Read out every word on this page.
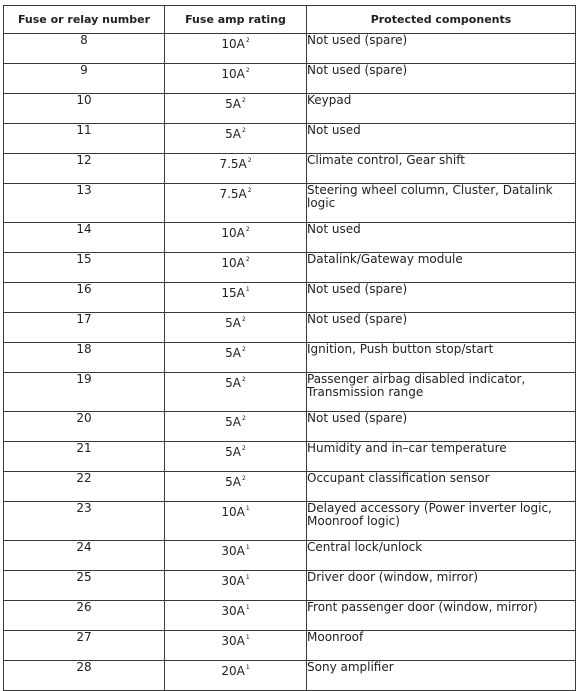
Fuse or relay number	Fuse amp rating	Protected components
8	$10A^2$	Not used (spare)
9	$10A^2$	Not used (spare)
10	$5A^2$	Keypad
11	$5A^2$	Not used
12	$7.5A^2$	Climate control, Gear shift
13	$7.5A^2$	Steering wheel column, Cluster, Datalink logic
14	$10A^2$	Not used
15	$10A^2$	Datalink/Gateway module
16	$15A^1$	Not used (spare)
17	$5A^2$	Not used (spare)
18	$5A^2$	Ignition, Push button stop/start
19	$5A^2$	Passenger airbag disabled indicator, Transmission range
20	$5A^2$	Not used (spare)
21	$5A^2$	Humidity and in–car temperature
22	$5A^2$	Occupant classification sensor
23	$10A^1$	Delayed accessory (Power inverter logic, Moonroof logic)
24	$30A^1$	Central lock/unlock
25	$30A^1$	Driver door (window, mirror)
26	$30A^1$	Front passenger door (window, mirror)
27	$30A^1$	Moonroof
28	$20A^1$	Sony amplifier
